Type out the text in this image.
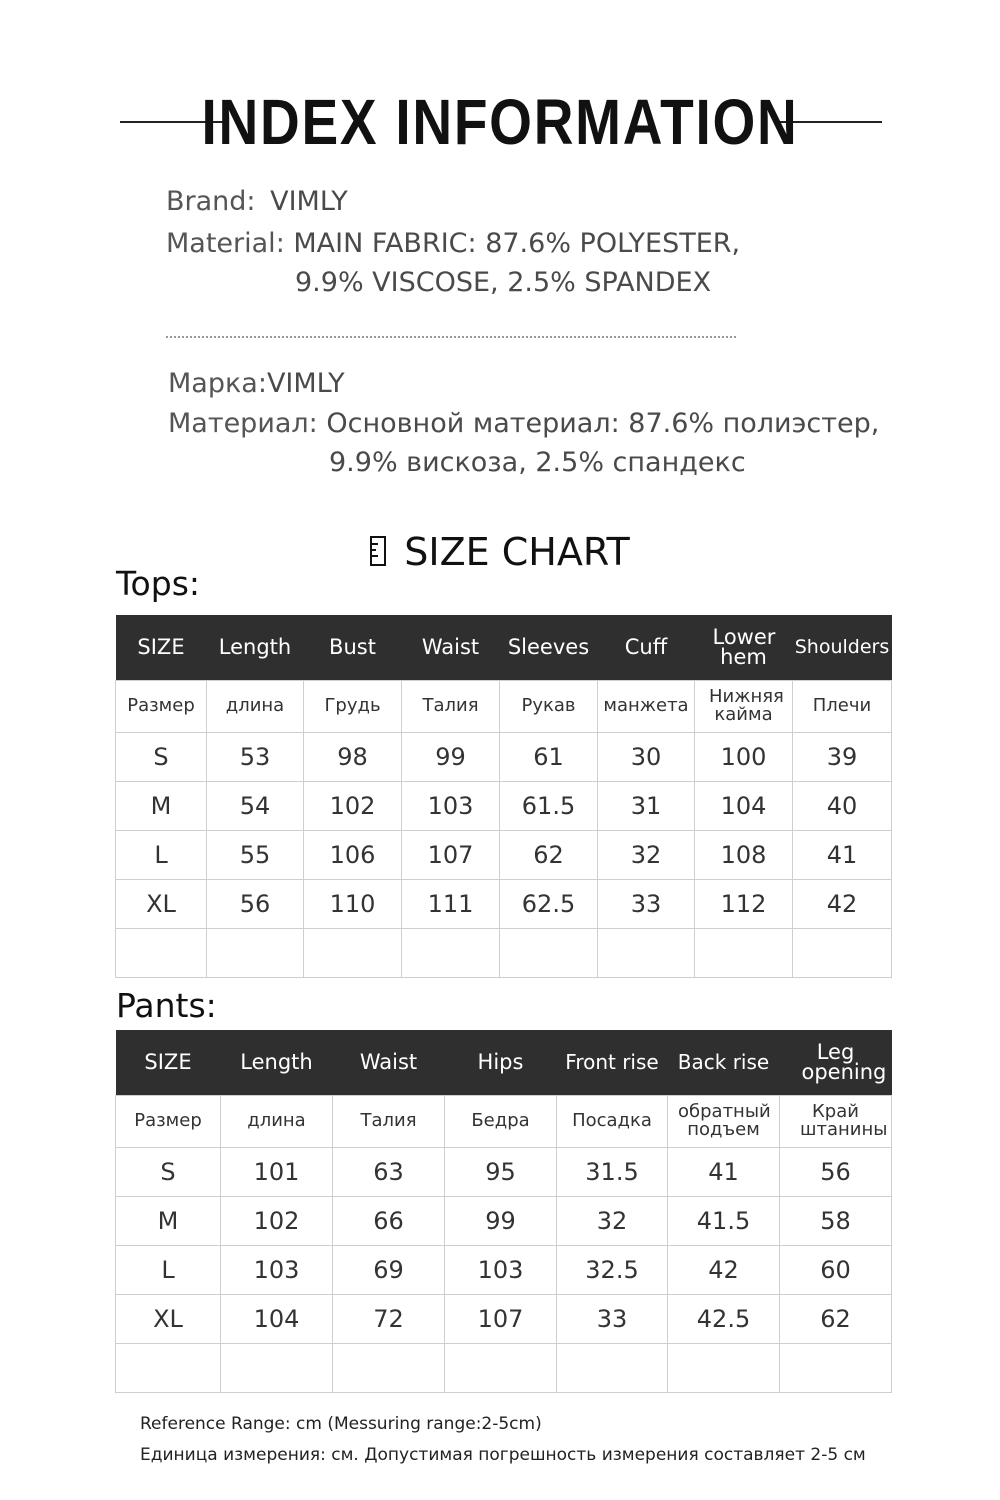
INDEX INFORMATION
Brand: VIMLY
Material: MAIN FABRIC: 87.6% POLYESTER,
9.9% VISCOSE, 2.5% SPANDEX
Марка:VIMLY
Материал: Основной материал: 87.6% полиэстер,
9.9% вискоза, 2.5% спандекс
SIZE CHART
Tops:
SIZE	Length	Bust	Waist	Sleeves	Cuff	Lower hem	Shoulders
Размер	длина	Грудь	Талия	Рукав	манжета	Нижняя кайма	Плечи
S	53	98	99	61	30	100	39
M	54	102	103	61.5	31	104	40
L	55	106	107	62	32	108	41
XL	56	110	111	62.5	33	112	42

Pants:
SIZE	Length	Waist	Hips	Front rise	Back rise	Leg opening
Размер	длина	Талия	Бедра	Посадка	обратный подъем	Край штанины
S	101	63	95	31.5	41	56
M	102	66	99	32	41.5	58
L	103	69	103	32.5	42	60
XL	104	72	107	33	42.5	62

Reference Range: cm (Messuring range:2-5cm)
Единица измерения: см. Допустимая погрешность измерения составляет 2-5 см
